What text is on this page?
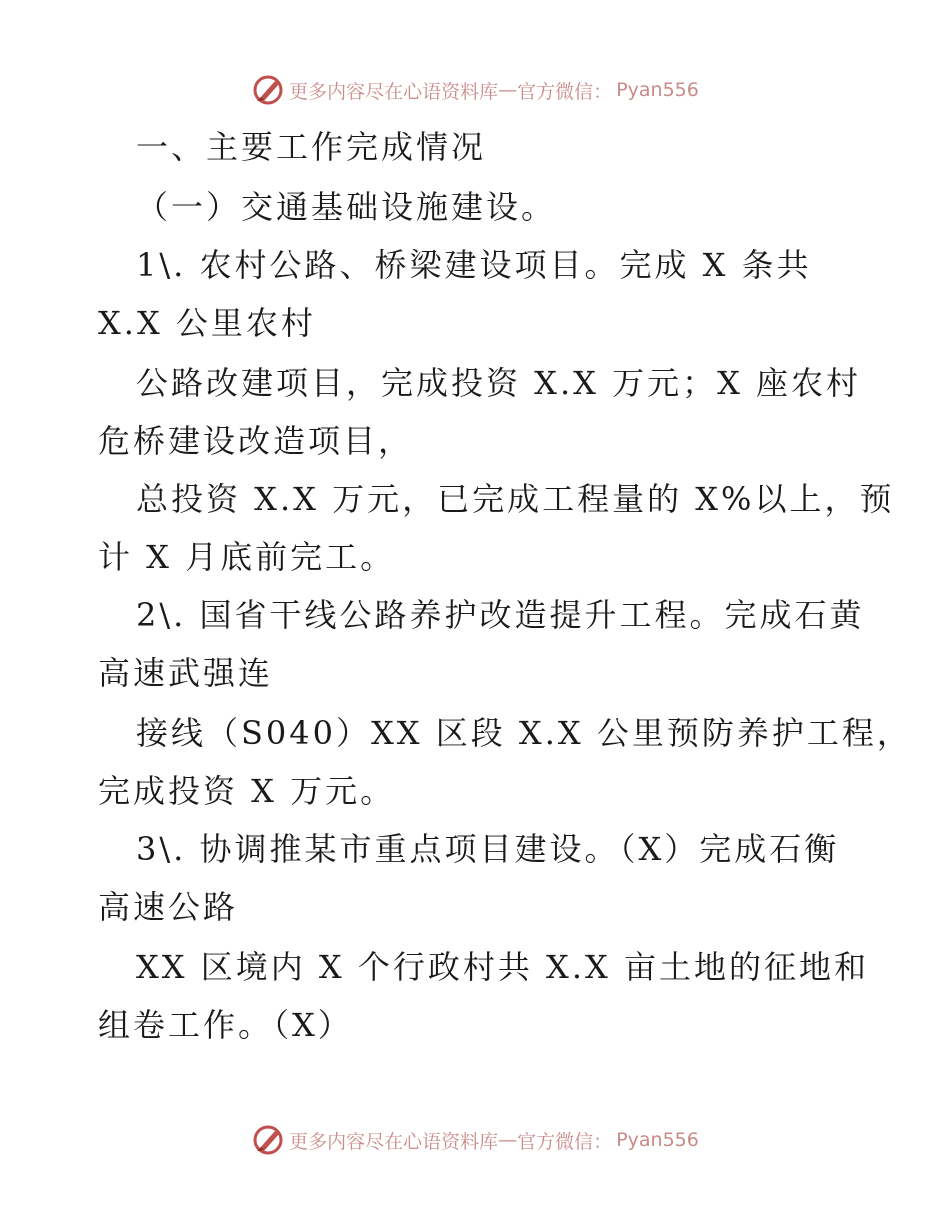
更多内容尽在心语资料库 — 官方微信： Pyan556
一、主要工作完成情况
（一）交通基础设施建设。
1\. 农村公路、桥梁建设项目。完成 X 条共
X.X 公里农村
公路改建项目，完成投资 X.X 万元；X 座农村
危桥建设改造项目，
总投资 X.X 万元，已完成工程量的 X%以上，预
计 X 月底前完工。
2\. 国省干线公路养护改造提升工程。完成石黄
高速武强连
接线（S040）XX 区段 X.X 公里预防养护工程，
完成投资 X 万元。
3\. 协调推某市重点项目建设。（X）完成石衡
高速公路
XX 区境内 X 个行政村共 X.X 亩土地的征地和
组卷工作。（X）
更多内容尽在心语资料库 — 官方微信： Pyan556
